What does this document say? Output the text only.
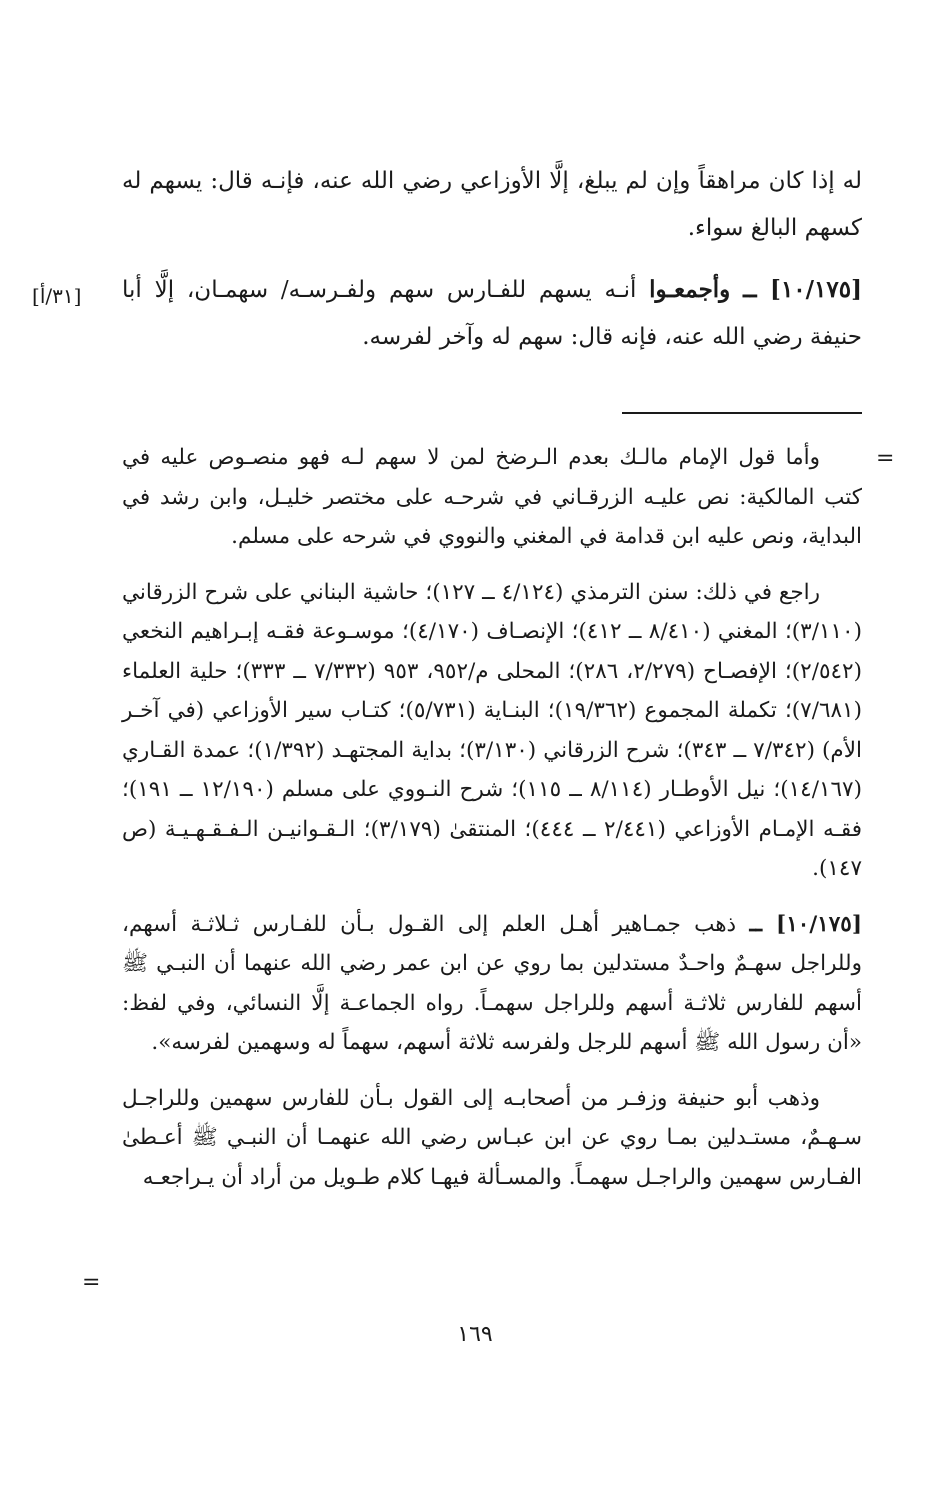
له إذا كان مراهقاً وإن لم يبلغ، إلَّا الأوزاعي رضي الله عنه، فإنـه قال: يسهم له كسهم البالغ سواء.

[١٠/١٧٥] ــ وأجمعـوا أنـه يسهم للفـارس سهم ولفـرسـه/ سهمـان، إلَّا أبا حنيفة رضي الله عنه، فإنه قال: سهم له وآخر لفرسه.

[٣١/أ]
=

وأما قول الإمام مالـك بعدم الـرضخ لمن لا سهم لـه فهو منصـوص عليه في كتب المالكية: نص عليـه الزرقـاني في شرحـه على مختصر خليـل، وابن رشد في البداية، ونص عليه ابن قدامة في المغني والنووي في شرحه على مسلم.

راجع في ذلك: سنن الترمذي (٤/١٢٤ ــ ١٢٧)؛ حاشية البناني على شرح الزرقاني (٣/١١٠)؛ المغني (٨/٤١٠ ــ ٤١٢)؛ الإنصـاف (٤/١٧٠)؛ موسـوعة فقـه إبـراهيم النخعي (٢/٥٤٢)؛ الإفصـاح (٢/٢٧٩، ٢٨٦)؛ المحلى م/٩٥٢، ٩٥٣ (٧/٣٣٢ ــ ٣٣٣)؛ حلية العلماء (٧/٦٨١)؛ تكملة المجموع (١٩/٣٦٢)؛ البنـاية (٥/٧٣١)؛ كتـاب سير الأوزاعي (في آخـر الأم) (٧/٣٤٢ ــ ٣٤٣)؛ شرح الزرقاني (٣/١٣٠)؛ بداية المجتهـد (١/٣٩٢)؛ عمدة القـاري (١٤/١٦٧)؛ نيل الأوطـار (٨/١١٤ ــ ١١٥)؛ شرح النـووي على مسلم (١٢/١٩٠ ــ ١٩١)؛ فقـه الإمـام الأوزاعي (٢/٤٤١ ــ ٤٤٤)؛ المنتقىٰ (٣/١٧٩)؛ الـقـوانيـن الـفـقـهـيـة (ص ١٤٧).

[١٠/١٧٥] ــ ذهب جمـاهير أهـل العلم إلى القـول بـأن للفـارس ثـلاثـة أسهم، وللراجل سهـمٌ واحـدٌ مستدلين بما روي عن ابن عمر رضي الله عنهما أن النبـي ﷺ أسهم للفارس ثلاثـة أسهم وللراجل سهمـاً. رواه الجماعـة إلَّا النسائي، وفي لفظ: «أن رسول الله ﷺ أسهم للرجل ولفرسه ثلاثة أسهم، سهماً له وسهمين لفرسه».

وذهب أبو حنيفة وزفـر من أصحابـه إلى القول بـأن للفارس سهمين وللراجـل سـهـمٌ، مستـدلين بمـا روي عن ابن عبـاس رضي الله عنهمـا أن النبـي ﷺ أعـطىٰ الفـارس سهمين والراجـل سهمـاً. والمسـألة فيهـا كلام طـويل من أراد أن يـراجعـه

=
١٦٩
